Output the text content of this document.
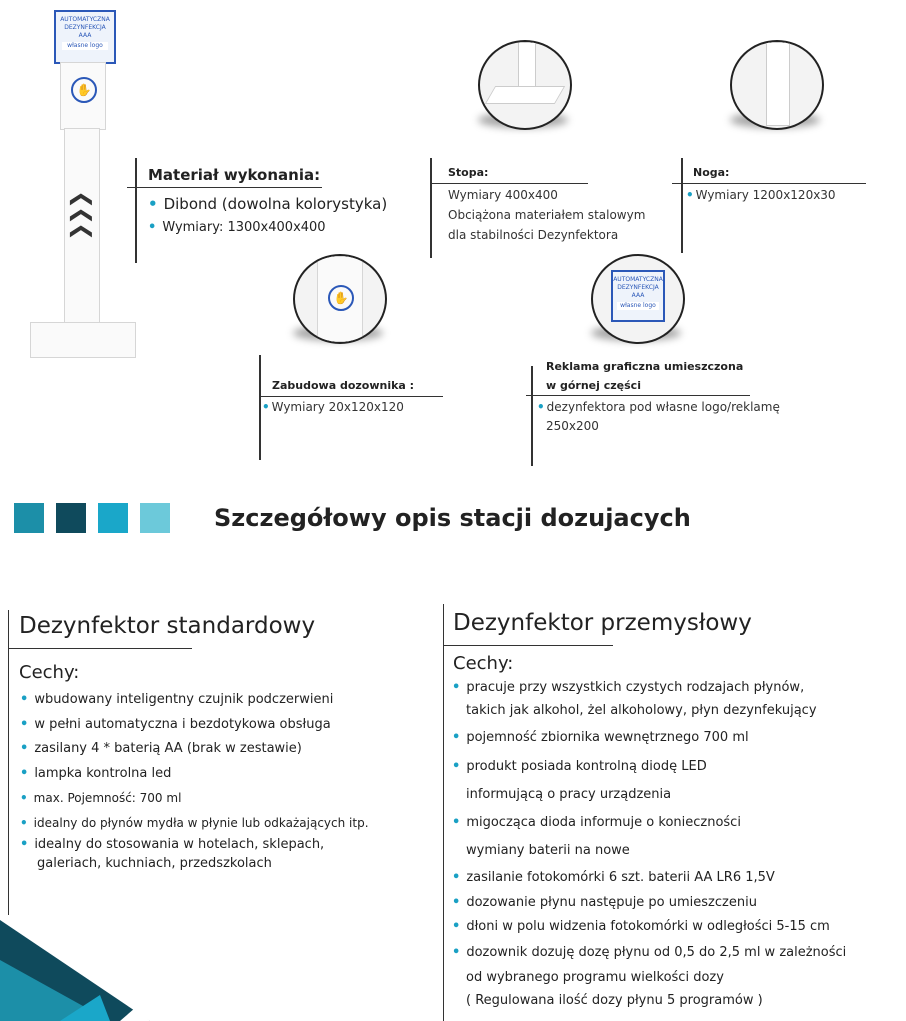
AUTOMATYCZNA
DEZYNFEKCJA
AAA
własne logo
✋
❯
❯
❯
Materiał wykonania:
• Dibond (dowolna kolorystyka)
• Wymiary: 1300x400x400
Stopa:
Wymiary 400x400
Obciążona materiałem stalowym
dla stabilności Dezynfektora
Noga:
• Wymiary 1200x120x30
✋
Zabudowa dozownika :
• Wymiary 20x120x120
AUTOMATYCZNA
DEZYNFEKCJA
AAA
własne logo
Reklama graficzna umieszczona
w górnej części
• dezynfektora pod własne logo/reklamę
250x200
Szczegółowy opis stacji dozujacych
Dezynfektor standardowy
Cechy:
• wbudowany inteligentny czujnik podczerwieni
• w pełni automatyczna i bezdotykowa obsługa
• zasilany 4 * baterią AA (brak w zestawie)
• lampka kontrolna led
• max. Pojemność: 700 ml
• idealny do płynów mydła w płynie lub odkażających itp.
• idealny do stosowania w hotelach, sklepach,
galeriach, kuchniach, przedszkolach
Dezynfektor przemysłowy
Cechy:
• pracuje przy wszystkich czystych rodzajach płynów,
takich jak alkohol, żel alkoholowy, płyn dezynfekujący
• pojemność zbiornika wewnętrznego 700 ml
• produkt posiada kontrolną diodę LED
informującą o pracy urządzenia
• migocząca dioda informuje o konieczności
wymiany baterii na nowe
• zasilanie fotokomórki 6 szt. baterii AA LR6 1,5V
• dozowanie płynu następuje po umieszczeniu
• dłoni w polu widzenia fotokomórki w odległości 5-15 cm
• dozownik dozuję dozę płynu od 0,5 do 2,5 ml w zależności
od wybranego programu wielkości dozy
( Regulowana ilość dozy płynu 5 programów )
